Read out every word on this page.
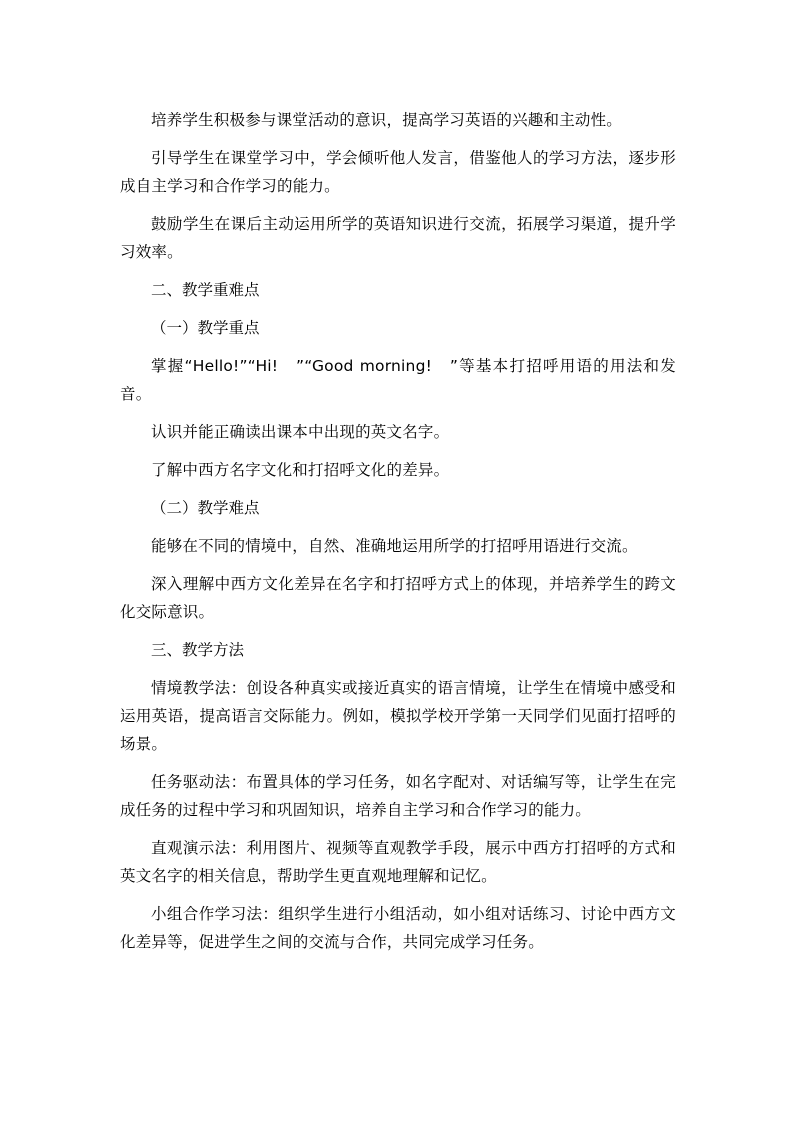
培养学生积极参与课堂活动的意识，提高学习英语的兴趣和主动性。

引导学生在课堂学习中，学会倾听他人发言，借鉴他人的学习方法，逐步形成自主学习和合作学习的能力。

鼓励学生在课后主动运用所学的英语知识进行交流，拓展学习渠道，提升学习效率。

二、教学重难点

（一）教学重点

掌握“Hello!”“Hi!　”“Good morning!　”等基本打招呼用语的用法和发音。

认识并能正确读出课本中出现的英文名字。

了解中西方名字文化和打招呼文化的差异。

（二）教学难点

能够在不同的情境中，自然、准确地运用所学的打招呼用语进行交流。

深入理解中西方文化差异在名字和打招呼方式上的体现，并培养学生的跨文化交际意识。

三、教学方法

情境教学法：创设各种真实或接近真实的语言情境，让学生在情境中感受和运用英语，提高语言交际能力。例如，模拟学校开学第一天同学们见面打招呼的场景。

任务驱动法：布置具体的学习任务，如名字配对、对话编写等，让学生在完成任务的过程中学习和巩固知识，培养自主学习和合作学习的能力。

直观演示法：利用图片、视频等直观教学手段，展示中西方打招呼的方式和英文名字的相关信息，帮助学生更直观地理解和记忆。

小组合作学习法：组织学生进行小组活动，如小组对话练习、讨论中西方文化差异等，促进学生之间的交流与合作，共同完成学习任务。
